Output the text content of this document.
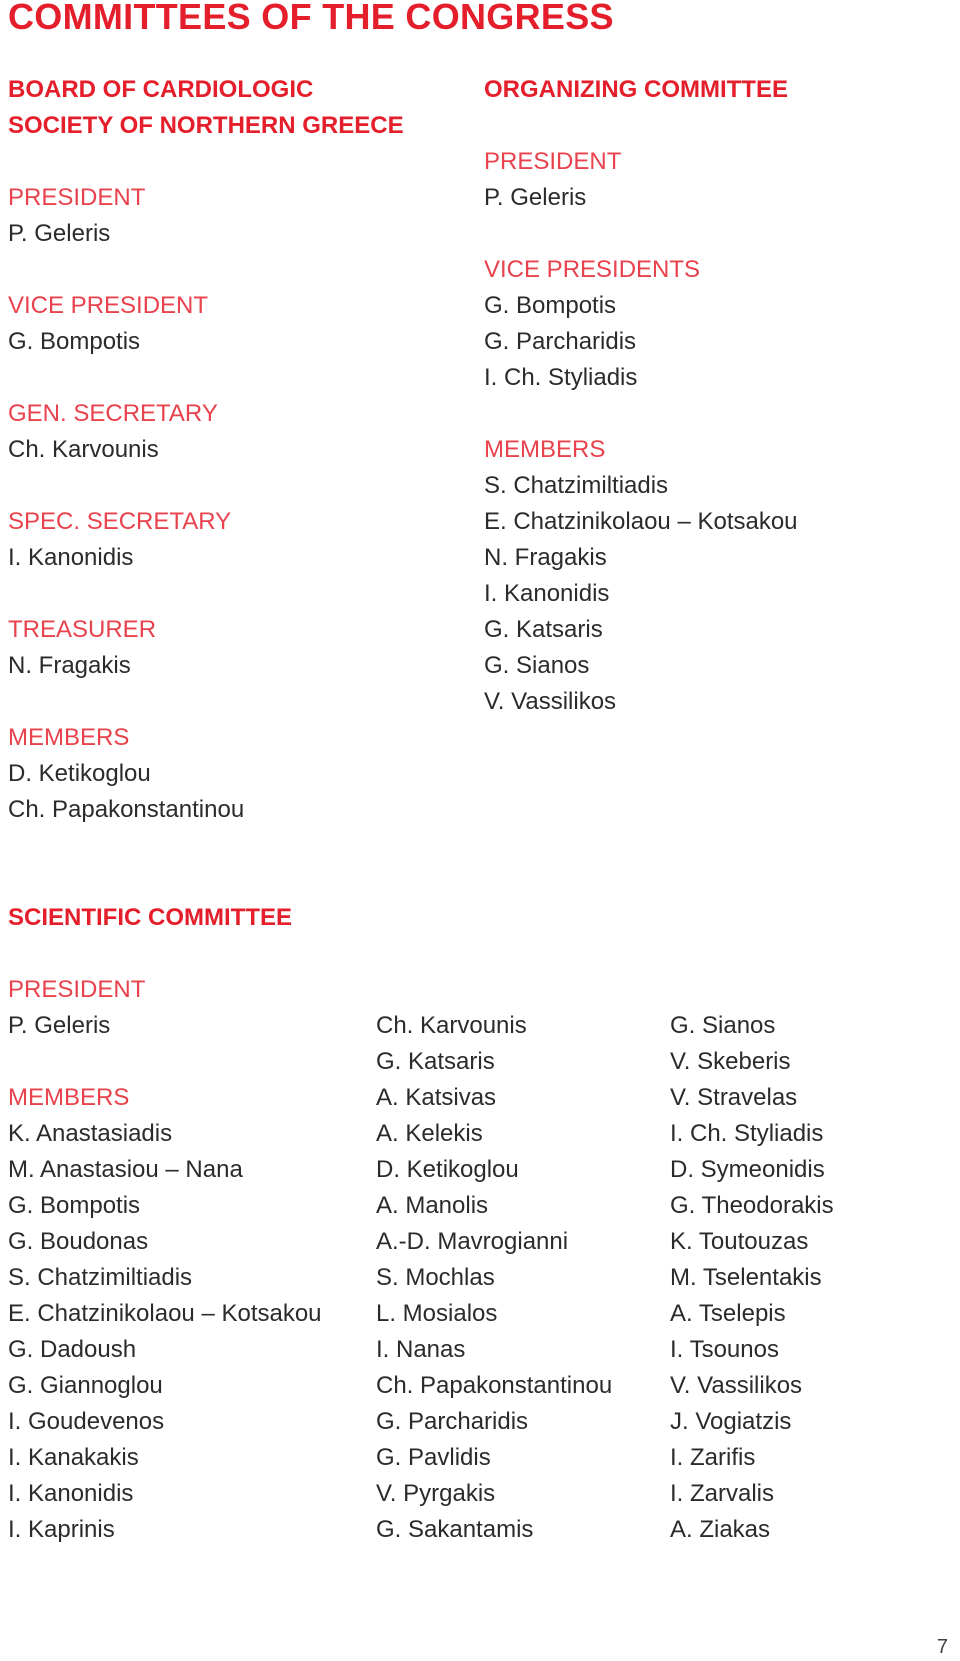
COMMITTEES OF THE CONGRESS
BOARD OF CARDIOLOGIC
SOCIETY OF NORTHERN GREECE
PRESIDENT
P. Geleris
VICE PRESIDENT
G. Bompotis
GEN. SECRETARY
Ch. Karvounis
SPEC. SECRETARY
I. Kanonidis
TREASURER
N. Fragakis
MEMBERS
D. Ketikoglou
Ch. Papakonstantinou
ORGANIZING COMMITTEE
PRESIDENT
P. Geleris
VICE PRESIDENTS
G. Bompotis
G. Parcharidis
I. Ch. Styliadis
MEMBERS
S. Chatzimiltiadis
E. Chatzinikolaou – Kotsakou
N. Fragakis
I. Kanonidis
G. Katsaris
G. Sianos
V. Vassilikos
SCIENTIFIC COMMITTEE
PRESIDENT
P. Geleris
MEMBERS
K. Anastasiadis
M. Anastasiou – Nana
G. Bompotis
G. Boudonas
S. Chatzimiltiadis
E. Chatzinikolaou – Kotsakou
G. Dadoush
G. Giannoglou
I. Goudevenos
I. Kanakakis
I. Kanonidis
I. Kaprinis
Ch. Karvounis
G. Katsaris
A. Katsivas
A. Kelekis
D. Ketikoglou
A. Manolis
A.-D. Mavrogianni
S. Mochlas
L. Mosialos
I. Nanas
Ch. Papakonstantinou
G. Parcharidis
G. Pavlidis
V. Pyrgakis
G. Sakantamis
G. Sianos
V. Skeberis
V. Stravelas
I. Ch. Styliadis
D. Symeonidis
G. Theodorakis
K. Toutouzas
M. Tselentakis
A. Tselepis
I. Tsounos
V. Vassilikos
J. Vogiatzis
I. Zarifis
I. Zarvalis
A. Ziakas
7
